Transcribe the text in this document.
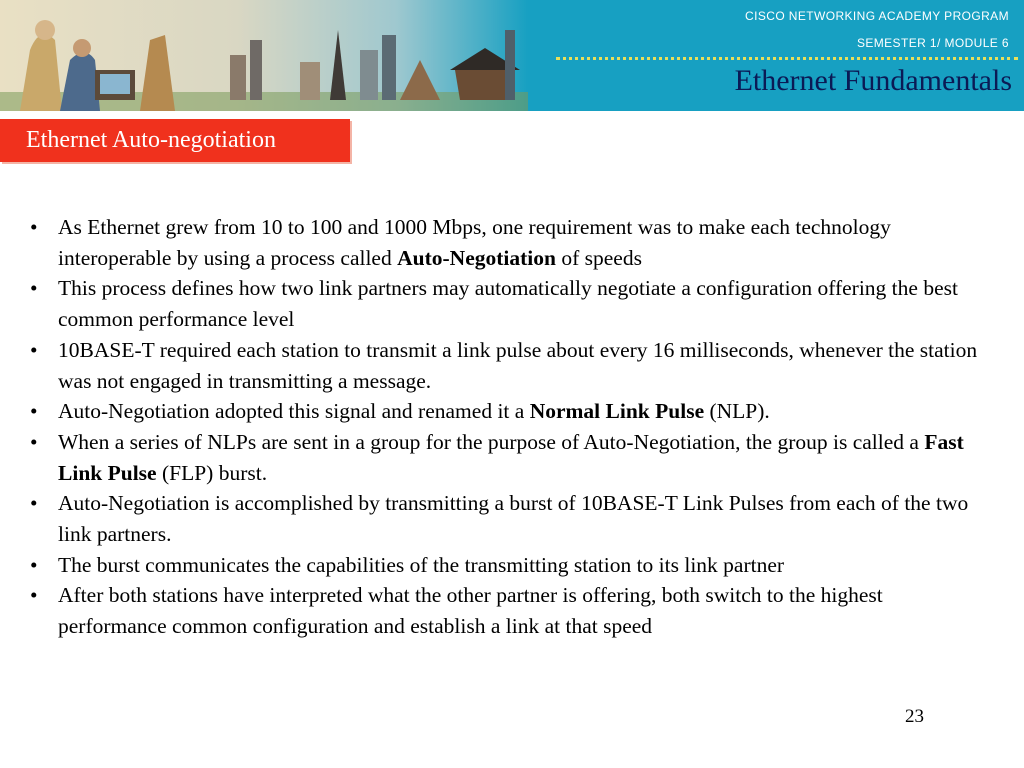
CISCO NETWORKING ACADEMY PROGRAM
SEMESTER 1/ MODULE 6
Ethernet Fundamentals
Ethernet Auto-negotiation
• As Ethernet grew from 10 to 100 and 1000 Mbps, one requirement was to make each technology interoperable by using a process called Auto-Negotiation of speeds
• This process defines how two link partners may automatically negotiate a configuration offering the best common performance level
• 10BASE-T required each station to transmit a link pulse about every 16 milliseconds, whenever the station was not engaged in transmitting a message.
• Auto-Negotiation adopted this signal and renamed it a Normal Link Pulse (NLP).
• When a series of NLPs are sent in a group for the purpose of Auto-Negotiation, the group is called a Fast Link Pulse (FLP) burst.
• Auto-Negotiation is accomplished by transmitting a burst of 10BASE-T Link Pulses from each of the two link partners.
• The burst communicates the capabilities of the transmitting station to its link partner
• After both stations have interpreted what the other partner is offering, both switch to the highest performance common configuration and establish a link at that speed
23
